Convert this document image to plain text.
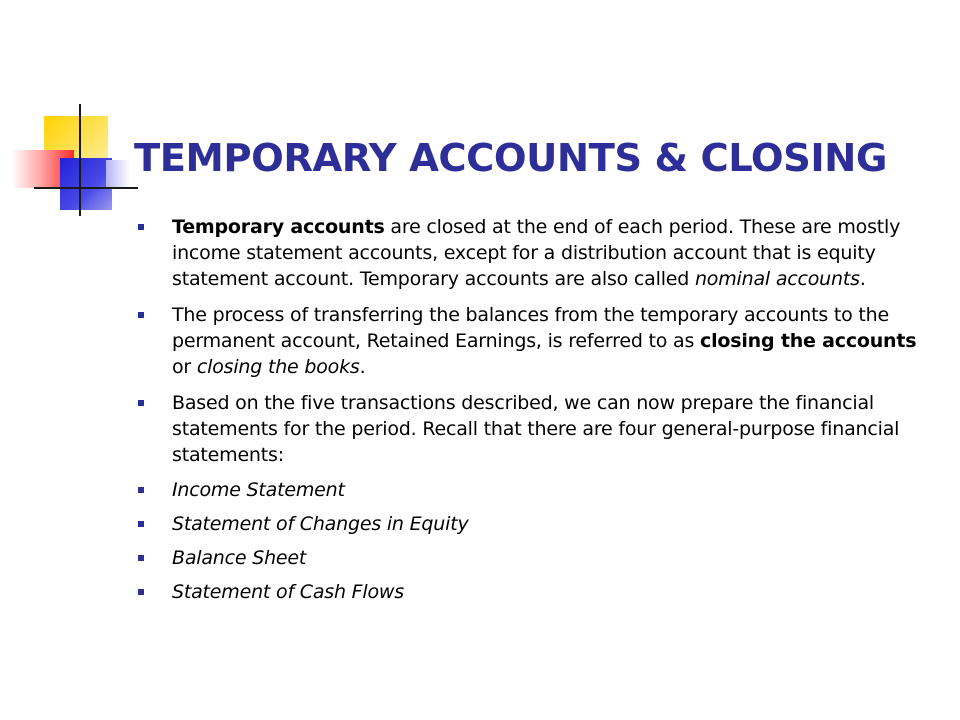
TEMPORARY ACCOUNTS & CLOSING
Temporary accounts are closed at the end of each period. These are mostly income statement accounts, except for a distribution account that is equity statement account. Temporary accounts are also called nominal accounts.
The process of transferring the balances from the temporary accounts to the permanent account, Retained Earnings, is referred to as closing the accounts or closing the books.
Based on the five transactions described, we can now prepare the financial statements for the period. Recall that there are four general-purpose financial statements:
Income Statement
Statement of Changes in Equity
Balance Sheet
Statement of Cash Flows
